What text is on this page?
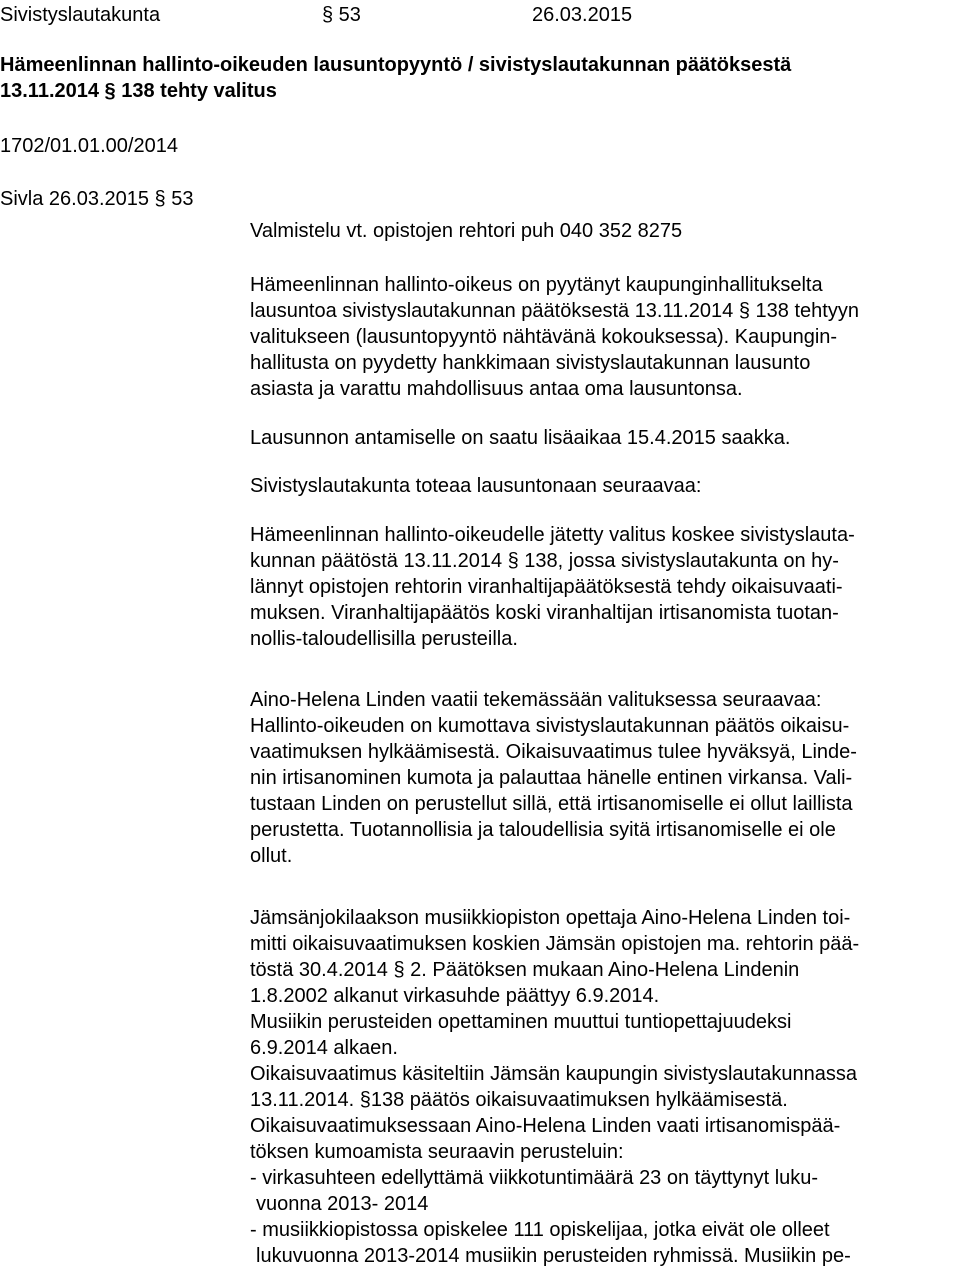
Sivistyslautakunta	§ 53	26.03.2015
Hämeenlinnan hallinto-oikeuden lausuntopyyntö / sivistyslautakunnan päätöksestä
13.11.2014 § 138 tehty valitus
1702/01.01.00/2014
Sivla 26.03.2015 § 53
Valmistelu vt. opistojen rehtori puh 040 352 8275
Hämeenlinnan hallinto-oikeus on pyytänyt kaupunginhallitukselta
lausuntoa sivistyslautakunnan päätöksestä 13.11.2014 § 138 tehtyyn
valitukseen (lausuntopyyntö nähtävänä kokouksessa). Kaupungin-
hallitusta on pyydetty hankkimaan sivistyslautakunnan lausunto
asiasta ja varattu mahdollisuus antaa oma lausuntonsa.
Lausunnon antamiselle on saatu lisäaikaa 15.4.2015 saakka.
Sivistyslautakunta toteaa lausuntonaan seuraavaa:
Hämeenlinnan hallinto-oikeudelle jätetty valitus koskee sivistyslauta-
kunnan päätöstä 13.11.2014 § 138, jossa sivistyslautakunta on hy-
lännyt opistojen rehtorin viranhaltijapäätöksestä tehdy oikaisuvaati-
muksen. Viranhaltijapäätös koski viranhaltijan irtisanomista tuotan-
nollis-taloudellisilla perusteilla.
Aino-Helena Linden vaatii tekemässään valituksessa seuraavaa:
Hallinto-oikeuden on kumottava sivistyslautakunnan päätös oikaisu-
vaatimuksen hylkäämisestä. Oikaisuvaatimus tulee hyväksyä, Linde-
nin irtisanominen kumota ja palauttaa hänelle entinen virkansa. Vali-
tustaan Linden on perustellut sillä, että irtisanomiselle ei ollut laillista
perustetta. Tuotannollisia ja taloudellisia syitä irtisanomiselle ei ole
ollut.
Jämsänjokilaakson musiikkiopiston opettaja Aino-Helena Linden toi-
mitti oikaisuvaatimuksen koskien Jämsän opistojen ma. rehtorin pää-
töstä 30.4.2014 § 2. Päätöksen mukaan Aino-Helena Lindenin
1.8.2002 alkanut virkasuhde päättyy 6.9.2014.
Musiikin perusteiden opettaminen muuttui tuntiopettajuudeksi
6.9.2014 alkaen.
Oikaisuvaatimus käsiteltiin Jämsän kaupungin sivistyslautakunnassa
13.11.2014. §138 päätös oikaisuvaatimuksen hylkäämisestä.
Oikaisuvaatimuksessaan Aino-Helena Linden vaati irtisanomispää-
töksen kumoamista seuraavin perusteluin:
- virkasuhteen edellyttämä viikkotuntimäärä 23 on täyttynyt luku-
vuonna 2013- 2014
- musiikkiopistossa opiskelee 111 opiskelijaa, jotka eivät ole olleet
lukuvuonna 2013-2014 musiikin perusteiden ryhmissä. Musiikin pe-
